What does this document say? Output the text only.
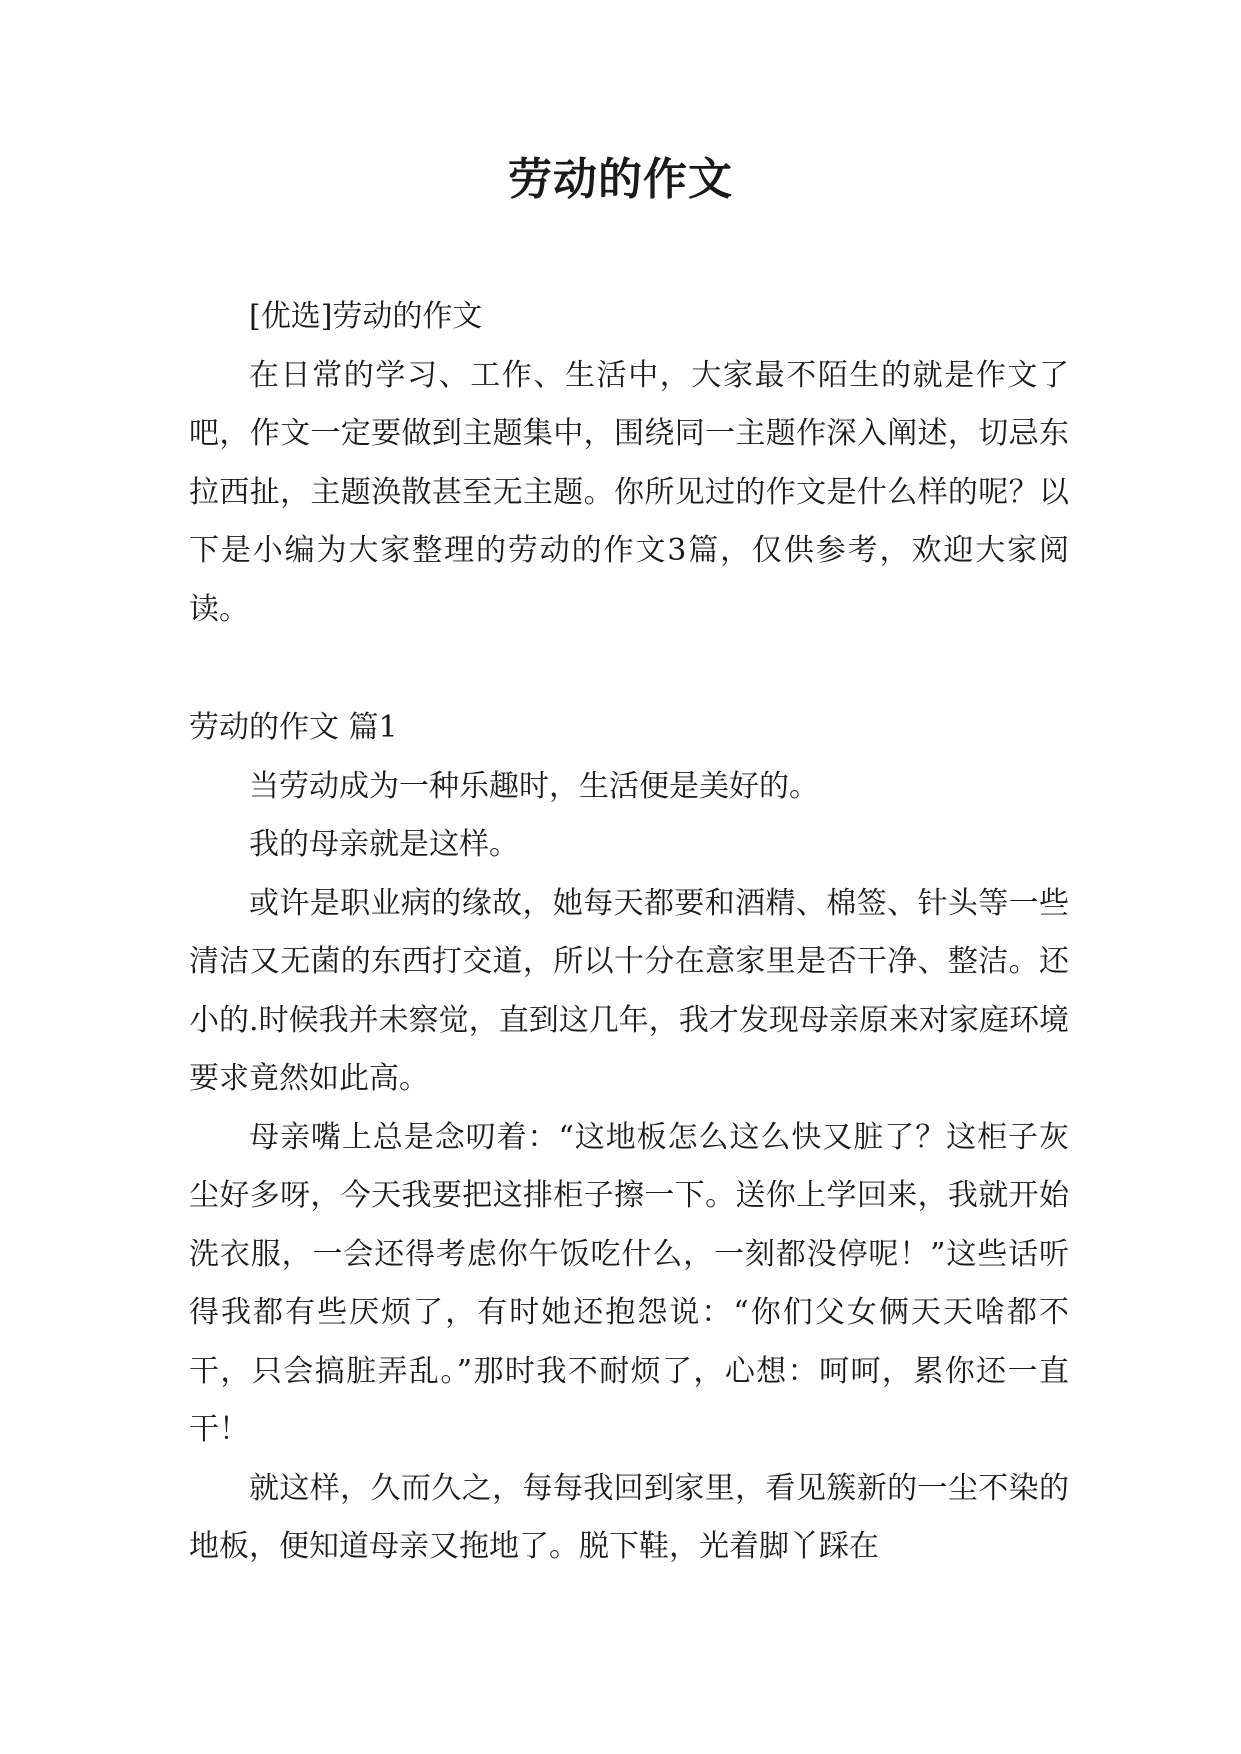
劳动的作文

[优选]劳动的作文

在日常的学习、工作、生活中，大家最不陌生的就是作文了吧，作文一定要做到主题集中，围绕同一主题作深入阐述，切忌东拉西扯，主题涣散甚至无主题。你所见过的作文是什么样的呢？以下是小编为大家整理的劳动的作文3篇，仅供参考，欢迎大家阅读。

劳动的作文 篇1

当劳动成为一种乐趣时，生活便是美好的。

我的母亲就是这样。

或许是职业病的缘故，她每天都要和酒精、棉签、针头等一些清洁又无菌的东西打交道，所以十分在意家里是否干净、整洁。还小的.时候我并未察觉，直到这几年，我才发现母亲原来对家庭环境要求竟然如此高。

母亲嘴上总是念叨着：“这地板怎么这么快又脏了？这柜子灰尘好多呀，今天我要把这排柜子擦一下。送你上学回来，我就开始洗衣服，一会还得考虑你午饭吃什么，一刻都没停呢！”这些话听得我都有些厌烦了，有时她还抱怨说：“你们父女俩天天啥都不干，只会搞脏弄乱。”那时我不耐烦了，心想：呵呵，累你还一直干！

就这样，久而久之，每每我回到家里，看见簇新的一尘不染的地板，便知道母亲又拖地了。脱下鞋，光着脚丫踩在
